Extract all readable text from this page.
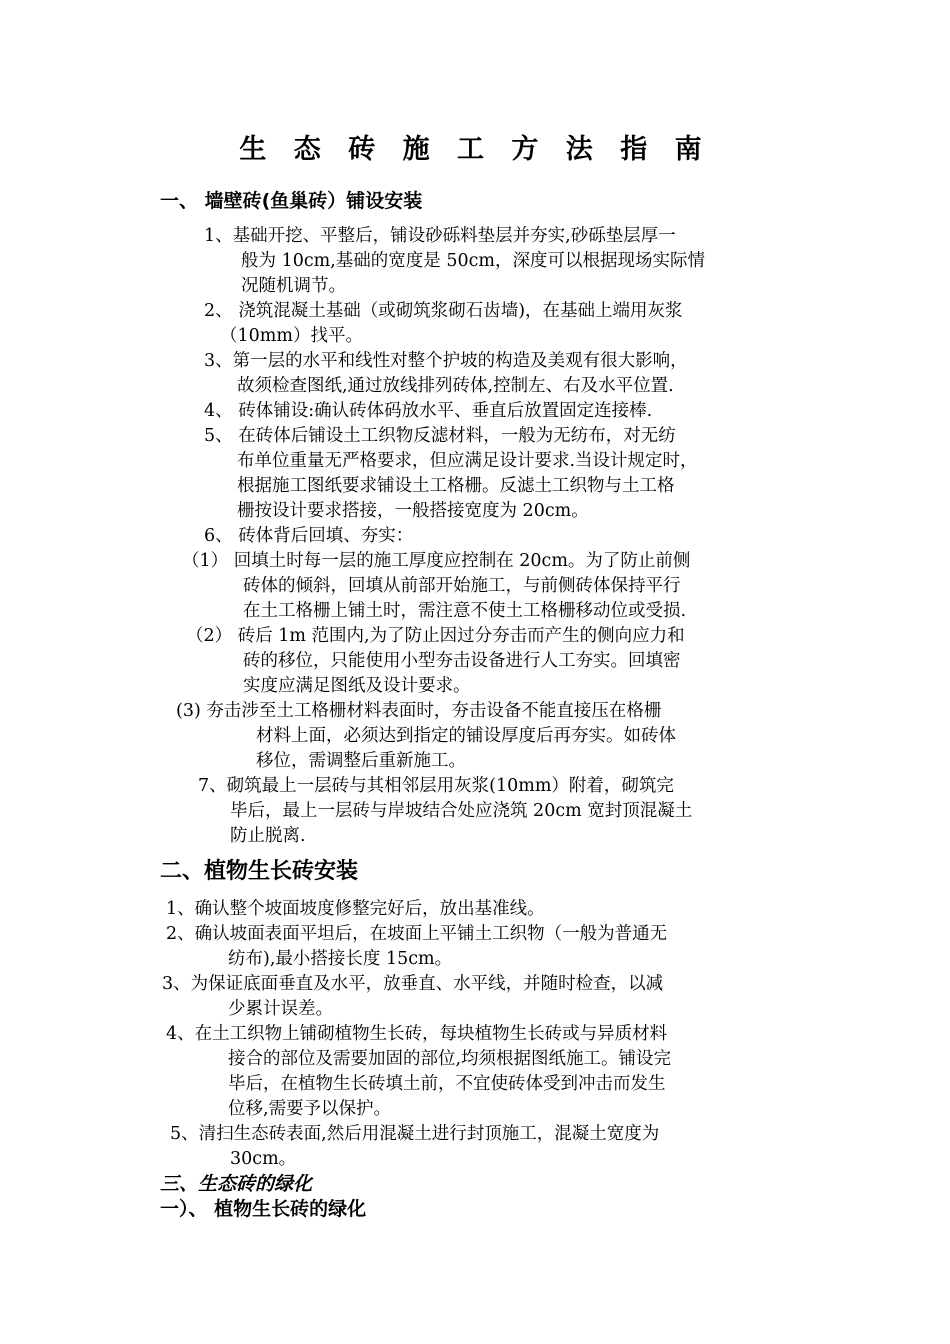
生 态 砖 施 工 方 法 指 南
一、 墙壁砖(鱼巢砖）铺设安装
1、基础开挖、平整后，铺设砂砾料垫层并夯实,砂砾垫层厚一
般为 10cm,基础的宽度是 50cm，深度可以根据现场实际情
况随机调节。
2、 浇筑混凝土基础（或砌筑浆砌石齿墙)，在基础上端用灰浆
（10mm）找平。
3、第一层的水平和线性对整个护坡的构造及美观有很大影响，
故须检查图纸,通过放线排列砖体,控制左、右及水平位置.
4、 砖体铺设:确认砖体码放水平、垂直后放置固定连接棒.
5、 在砖体后铺设土工织物反滤材料，一般为无纺布，对无纺
布单位重量无严格要求，但应满足设计要求.当设计规定时，
根据施工图纸要求铺设土工格栅。反滤土工织物与土工格
栅按设计要求搭接，一般搭接宽度为 20cm。
6、 砖体背后回填、夯实：
（1） 回填土时每一层的施工厚度应控制在 20cm。为了防止前侧
砖体的倾斜，回填从前部开始施工，与前侧砖体保持平行
在土工格栅上铺土时，需注意不使土工格栅移动位或受损.
（2） 砖后 1m 范围内,为了防止因过分夯击而产生的侧向应力和
砖的移位，只能使用小型夯击设备进行人工夯实。回填密
实度应满足图纸及设计要求。
(3) 夯击涉至土工格栅材料表面时，夯击设备不能直接压在格栅
材料上面，必须达到指定的铺设厚度后再夯实。如砖体
移位，需调整后重新施工。
7、砌筑最上一层砖与其相邻层用灰浆(10mm）附着，砌筑完
毕后，最上一层砖与岸坡结合处应浇筑 20cm 宽封顶混凝土
防止脱离.
二、植物生长砖安装
1、确认整个坡面坡度修整完好后，放出基准线。
2、确认坡面表面平坦后，在坡面上平铺土工织物（一般为普通无
纺布),最小搭接长度 15cm。
3、为保证底面垂直及水平，放垂直、水平线，并随时检查，以减
少累计误差。
4、在土工织物上铺砌植物生长砖，每块植物生长砖或与异质材料
接合的部位及需要加固的部位,均须根据图纸施工。铺设完
毕后，在植物生长砖填土前，不宜使砖体受到冲击而发生
位移,需要予以保护。
5、清扫生态砖表面,然后用混凝土进行封顶施工，混凝土宽度为
30cm。
三、生态砖的绿化
一）、 植物生长砖的绿化
